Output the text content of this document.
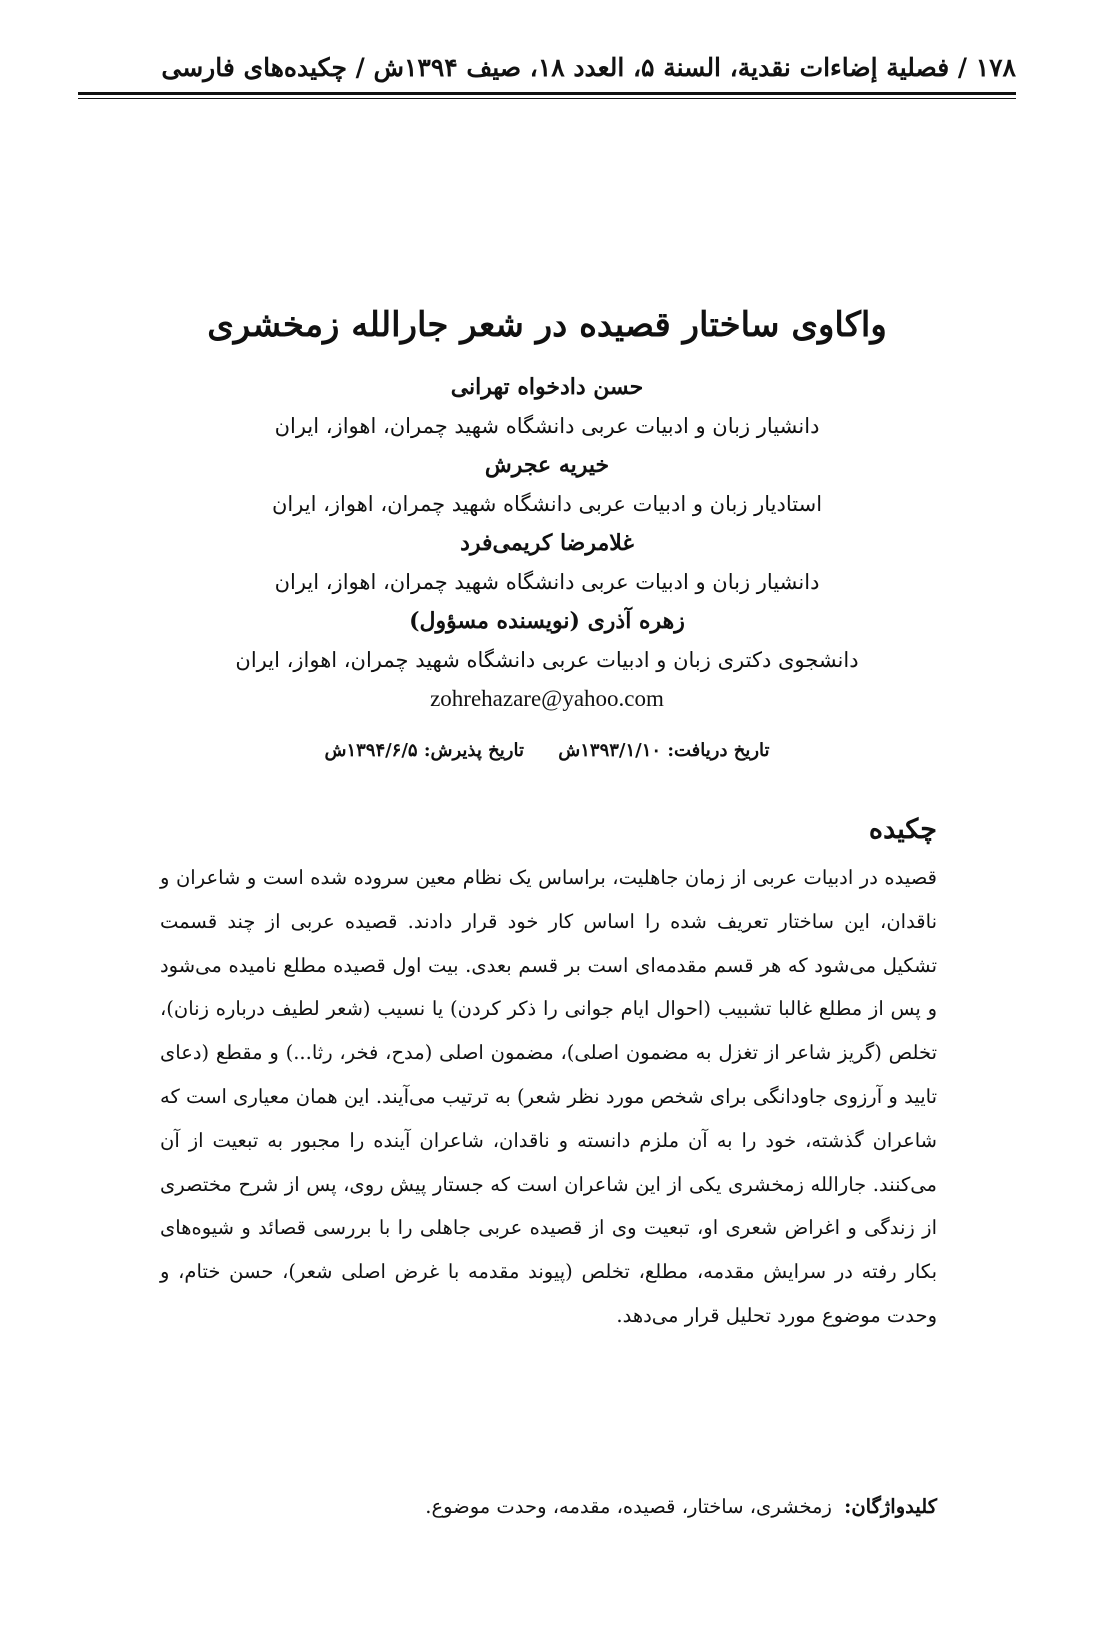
۱۷۸ / فصلية إضاءات نقدية، السنة ۵، العدد ۱۸، صيف ۱۳۹۴ش / چکیده‌های فارسی
واکاوی ساختار قصیده در شعر جارالله زمخشری
حسن دادخواه تهرانی
دانشیار زبان و ادبیات عربی دانشگاه شهید چمران، اهواز، ایران
خیریه عجرش
استادیار زبان و ادبیات عربی دانشگاه شهید چمران، اهواز، ایران
غلامرضا کریمی‌فرد
دانشیار زبان و ادبیات عربی دانشگاه شهید چمران، اهواز، ایران
زهره آذری (نویسنده مسؤول)
دانشجوی دکتری زبان و ادبیات عربی دانشگاه شهید چمران، اهواز، ایران
zohrehazare@yahoo.com
تاریخ دریافت: ۱۳۹۳/۱/۱۰ش تاریخ پذیرش: ۱۳۹۴/۶/۵ش
چکیده
قصیده در ادبیات عربی از زمان جاهلیت، براساس یک نظام معین سروده شده است و شاعران و ناقدان، این ساختار تعریف شده را اساس کار خود قرار دادند. قصیده عربی از چند قسمت تشکیل می‌شود که هر قسم مقدمه‌ای است بر قسم بعدی. بیت اول قصیده مطلع نامیده می‌شود و پس از مطلع غالبا تشبیب (احوال ایام جوانی را ذکر کردن) یا نسیب (شعر لطیف درباره زنان)، تخلص (گریز شاعر از تغزل به مضمون اصلی)، مضمون اصلی (مدح، فخر، رثا...) و مقطع (دعای تایید و آرزوی جاودانگی برای شخص مورد نظر شعر) به ترتیب می‌آیند. این همان معیاری است که شاعران گذشته، خود را به آن ملزم دانسته و ناقدان، شاعران آینده را مجبور به تبعیت از آن می‌کنند. جارالله زمخشری یکی از این شاعران است که جستار پیش روی، پس از شرح مختصری از زندگی و اغراض شعری او، تبعیت وی از قصیده عربی جاهلی را با بررسی قصائد و شیوه‌های بکار رفته در سرایش مقدمه، مطلع، تخلص (پیوند مقدمه با غرض اصلی شعر)، حسن ختام، و وحدت موضوع مورد تحلیل قرار می‌دهد.
کلیدواژگان: زمخشری، ساختار، قصیده، مقدمه، وحدت موضوع.
